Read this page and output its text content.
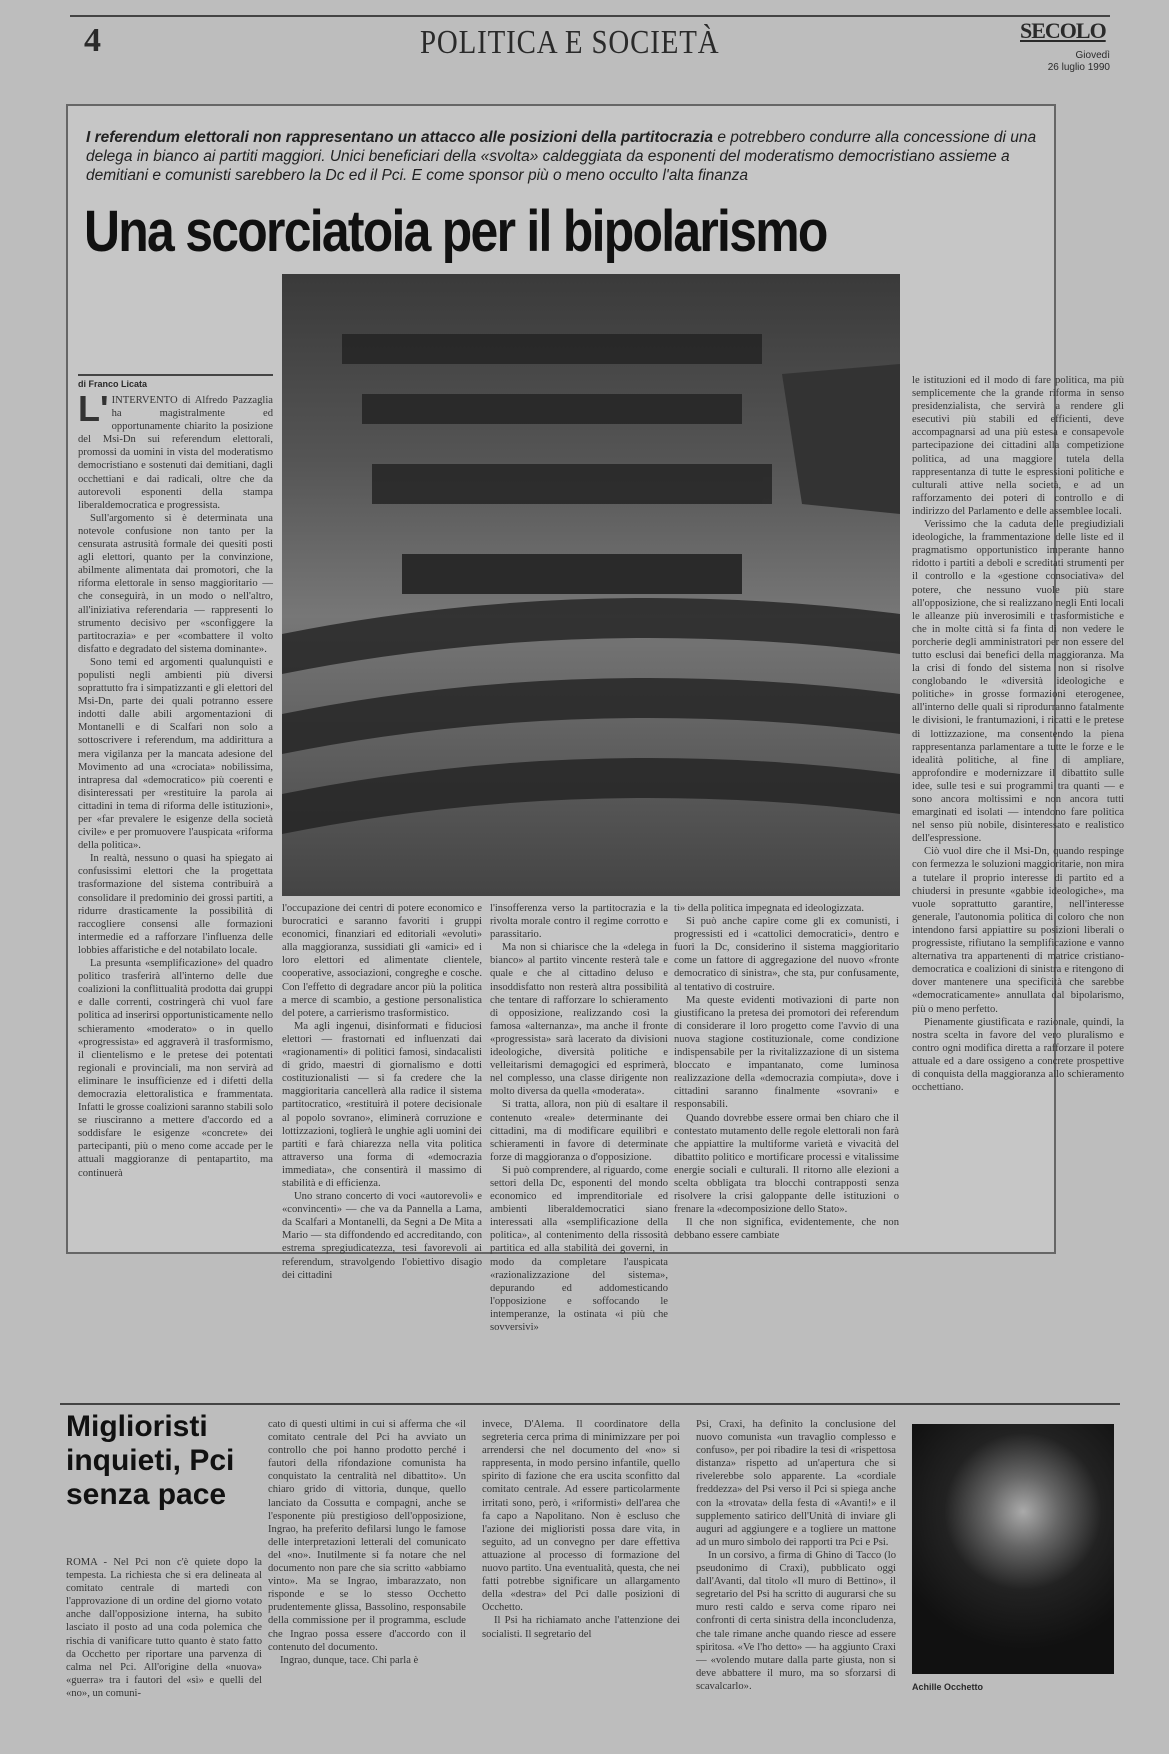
4	POLITICA E SOCIETÀ	SECOLO
Giovedì
26 luglio 1990
I referendum elettorali non rappresentano un attacco alle posizioni della partitocrazia e potrebbero condurre alla concessione di una delega in bianco ai partiti maggiori. Unici beneficiari della «svolta» caldeggiata da esponenti del moderatismo democristiano assieme a demitiani e comunisti sarebbero la Dc ed il Pci. E come sponsor più o meno occulto l'alta finanza
Una scorciatoia per il bipolarismo
di Franco Licata

L' INTERVENTO di Alfredo Pazzaglia ha magistralmente ed opportunamente chiarito la posizione del Msi-Dn sui referendum elettorali, promossi da uomini in vista del moderatismo democristiano e sostenuti dai demitiani, dagli occhettiani e dai radicali, oltre che da autorevoli esponenti della stampa liberaldemocratica e progressista.

Sull'argomento si è determinata una notevole confusione non tanto per la censurata astrusità formale dei quesiti posti agli elettori, quanto per la convinzione, abilmente alimentata dai promotori, che la riforma elettorale in senso maggioritario — che conseguirà, in un modo o nell'altro, all'iniziativa referendaria — rappresenti lo strumento decisivo per «sconfiggere la partitocrazia» e per «combattere il volto disfatto e degradato del sistema dominante».

Sono temi ed argomenti qualunquisti e populisti negli ambienti più diversi soprattutto fra i simpatizzanti e gli elettori del Msi-Dn, parte dei quali potranno essere indotti dalle abili argomentazioni di Montanelli e di Scalfari non solo a sottoscrivere i referendum, ma addirittura a mera vigilanza per la mancata adesione del Movimento ad una «crociata» nobilissima, intrapresa dal «democratico» più coerenti e disinteressati per «restituire la parola ai cittadini in tema di riforma delle istituzioni», per «far prevalere le esigenze della società civile» e per promuovere l'auspicata «riforma della politica».

In realtà, nessuno o quasi ha spiegato ai confusissimi elettori che la progettata trasformazione del sistema contribuirà a consolidare il predominio dei grossi partiti, a ridurre drasticamente la possibilità di raccogliere consensi alle formazioni intermedie ed a rafforzare l'influenza delle lobbies affaristiche e del notabilato locale.

La presunta «semplificazione» del quadro politico trasferirà all'interno delle due coalizioni la conflittualità prodotta dai gruppi e dalle correnti, costringerà chi vuol fare politica ad inserirsi opportunisticamente nello schieramento «moderato» o in quello «progressista» ed aggraverà il trasformismo, il clientelismo e le pretese dei potentati regionali e provinciali, ma non servirà ad eliminare le insufficienze ed i difetti della democrazia elettoralistica e frammentata. Infatti le grosse coalizioni saranno stabili solo se riusciranno a mettere d'accordo ed a soddisfare le esigenze «concrete» dei partecipanti, più o meno come accade per le attuali maggioranze di pentapartito, ma continuerà

l'occupazione dei centri di potere economico e burocratici e saranno favoriti i gruppi economici, finanziari ed editoriali «evoluti» alla maggioranza, sussidiati gli «amici» ed i loro elettori ed alimentate clientele, cooperative, associazioni, congreghe e cosche. Con l'effetto di degradare ancor più la politica a merce di scambio, a gestione personalistica del potere, a carrierismo trasformistico.

Ma agli ingenui, disinformati e fiduciosi elettori — frastornati ed influenzati dai «ragionamenti» di politici famosi, sindacalisti di grido, maestri di giornalismo e dotti costituzionalisti — si fa credere che la maggioritaria cancellerà alla radice il sistema partitocratico, «restituirà il potere decisionale al popolo sovrano», eliminerà corruzione e lottizzazioni, toglierà le unghie agli uomini dei partiti e farà chiarezza nella vita politica attraverso una forma di «democrazia immediata», che consentirà il massimo di stabilità e di efficienza.

Uno strano concerto di voci «autorevoli» e «convincenti» — che va da Pannella a Lama, da Scalfari a Montanelli, da Segni a De Mita a Mario — sta diffondendo ed accreditando, con estrema spregiudicatezza, tesi favorevoli ai referendum, stravolgendo l'obiettivo disagio dei cittadini

l'insofferenza verso la partitocrazia e la rivolta morale contro il regime corrotto e parassitario.

Ma non si chiarisce che la «delega in bianco» al partito vincente resterà tale e quale e che al cittadino deluso e insoddisfatto non resterà altra possibilità che tentare di rafforzare lo schieramento di opposizione, realizzando così la famosa «alternanza», ma anche il fronte «progressista» sarà lacerato da divisioni ideologiche, diversità politiche e velleitarismi demagogici ed esprimerà, nel complesso, una classe dirigente non molto diversa da quella «moderata».

Si tratta, allora, non più di esaltare il contenuto «reale» determinante dei cittadini, ma di modificare equilibri e schieramenti in favore di determinate forze di maggioranza o d'opposizione.

Si può comprendere, al riguardo, come settori della Dc, esponenti del mondo economico ed imprenditoriale ed ambienti liberaldemocratici siano interessati alla «semplificazione della politica», al contenimento della rissosità partitica ed alla stabilità dei governi, in modo da completare l'auspicata «razionalizzazione del sistema», depurando ed addomesticando l'opposizione e soffocando le intemperanze, la ostinata «i più che sovversivi»

ti» della politica impegnata ed ideologizzata.

Si può anche capire come gli ex comunisti, i progressisti ed i «cattolici democratici», dentro e fuori la Dc, considerino il sistema maggioritario come un fattore di aggregazione del nuovo «fronte democratico di sinistra», che sta, pur confusamente, al tentativo di costruire.

Ma queste evidenti motivazioni di parte non giustificano la pretesa dei promotori dei referendum di considerare il loro progetto come l'avvio di una nuova stagione costituzionale, come condizione indispensabile per la rivitalizzazione di un sistema bloccato e impantanato, come luminosa realizzazione della «democrazia compiuta», dove i cittadini saranno finalmente «sovrani» e responsabili.

Quando dovrebbe essere ormai ben chiaro che il contestato mutamento delle regole elettorali non farà che appiattire la multiforme varietà e vivacità del dibattito politico e mortificare processi e vitalissime energie sociali e culturali. Il ritorno alle elezioni a scelta obbligata tra blocchi contrapposti senza risolvere la crisi galoppante delle istituzioni o frenare la «decomposizione dello Stato».

Il che non significa, evidentemente, che non debbano essere cambiate

le istituzioni ed il modo di fare politica, ma più semplicemente che la grande riforma in senso presidenzialista, che servirà a rendere gli esecutivi più stabili ed efficienti, deve accompagnarsi ad una più estesa e consapevole partecipazione dei cittadini alla competizione politica, ad una maggiore tutela della rappresentanza di tutte le espressioni politiche e culturali attive nella società, e ad un rafforzamento dei poteri di controllo e di indirizzo del Parlamento e delle assemblee locali.

Verissimo che la caduta delle pregiudiziali ideologiche, la frammentazione delle liste ed il pragmatismo opportunistico imperante hanno ridotto i partiti a deboli e screditati strumenti per il controllo e la «gestione consociativa» del potere, che nessuno vuole più stare all'opposizione, che si realizzano negli Enti locali le alleanze più inverosimili e trasformistiche e che in molte città si fa finta di non vedere le porcherie degli amministratori per non essere del tutto esclusi dai benefici della maggioranza. Ma la crisi di fondo del sistema non si risolve conglobando le «diversità ideologiche e politiche» in grosse formazioni eterogenee, all'interno delle quali si riprodurranno fatalmente le divisioni, le frantumazioni, i ricatti e le pretese di lottizzazione, ma consentendo la piena rappresentanza parlamentare a tutte le forze e le idealità politiche, al fine di ampliare, approfondire e modernizzare il dibattito sulle idee, sulle tesi e sui programmi tra quanti — e sono ancora moltissimi e non ancora tutti emarginati ed isolati — intendono fare politica nel senso più nobile, disinteressato e realistico dell'espressione.

Ciò vuol dire che il Msi-Dn, quando respinge con fermezza le soluzioni maggioritarie, non mira a tutelare il proprio interesse di partito ed a chiudersi in presunte «gabbie ideologiche», ma vuole soprattutto garantire, nell'interesse generale, l'autonomia politica di coloro che non intendono farsi appiattire su posizioni liberali o progressiste, rifiutano la semplificazione e vanno alternativa tra appartenenti di matrice cristiano-democratica e coalizioni di sinistra e ritengono di dover mantenere una specificità che sarebbe «democraticamente» annullata dal bipolarismo, più o meno perfetto.

Pienamente giustificata e razionale, quindi, la nostra scelta in favore del vero pluralismo e contro ogni modifica diretta a rafforzare il potere attuale ed a dare ossigeno a concrete prospettive di conquista della maggioranza allo schieramento occhettiano.

Miglioristi inquieti, Pci senza pace

ROMA - Nel Pci non c'è quiete dopo la tempesta. La richiesta che si era delineata al comitato centrale di martedì con l'approvazione di un ordine del giorno votato anche dall'opposizione interna, ha subito lasciato il posto ad una coda polemica che rischia di vanificare tutto quanto è stato fatto da Occhetto per riportare una parvenza di calma nel Pci. All'origine della «nuova» «guerra» tra i fautori del «sì» e quelli del «no», un comuni-

cato di questi ultimi in cui si afferma che «il comitato centrale del Pci ha avviato un controllo che poi hanno prodotto perché i fautori della rifondazione comunista ha conquistato la centralità nel dibattito». Un chiaro grido di vittoria, dunque, quello lanciato da Cossutta e compagni, anche se l'esponente più prestigioso dell'opposizione, Ingrao, ha preferito defilarsi lungo le famose delle interpretazioni letterali del comunicato del «no». Inutilmente si fa notare che nel documento non pare che sia scritto «abbiamo vinto». Ma se Ingrao, imbarazzato, non risponde e se lo stesso Occhetto prudentemente glissa, Bassolino, responsabile della commissione per il programma, esclude che Ingrao possa essere d'accordo con il contenuto del documento.

Ingrao, dunque, tace. Chi parla è

invece, D'Alema. Il coordinatore della segreteria cerca prima di minimizzare per poi arrendersi che nel documento del «no» si rappresenta, in modo persino infantile, quello spirito di fazione che era uscita sconfitto dal comitato centrale. Ad essere particolarmente irritati sono, però, i «riformisti» dell'area che fa capo a Napolitano. Non è escluso che l'azione dei miglioristi possa dare vita, in seguito, ad un convegno per dare effettiva attuazione al processo di formazione del nuovo partito. Una eventualità, questa, che nei fatti potrebbe significare un allargamento della «destra» del Pci dalle posizioni di Occhetto.

Il Psi ha richiamato anche l'attenzione dei socialisti. Il segretario del

Psi, Craxi, ha definito la conclusione del nuovo comunista «un travaglio complesso e confuso», per poi ribadire la tesi di «rispettosa distanza» rispetto ad un'apertura che si rivelerebbe solo apparente. La «cordiale freddezza» del Psi verso il Pci si spiega anche con la «trovata» della festa di «Avanti!» e il supplemento satirico dell'Unità di inviare gli auguri ad aggiungere e a togliere un mattone ad un muro simbolo dei rapporti tra Pci e Psi.

In un corsivo, a firma di Ghino di Tacco (lo pseudonimo di Craxi), pubblicato oggi dall'Avanti, dal titolo «Il muro di Bettino», il segretario del Psi ha scritto di augurarsi che su muro resti caldo e serva come riparo nei confronti di certa sinistra della inconcludenza, che tale rimane anche quando riesce ad essere spiritosa. «Ve l'ho detto» — ha aggiunto Craxi — «volendo mutare dalla parte giusta, non si deve abbattere il muro, ma so sforzarsi di scavalcarlo».	Achille Occhetto
